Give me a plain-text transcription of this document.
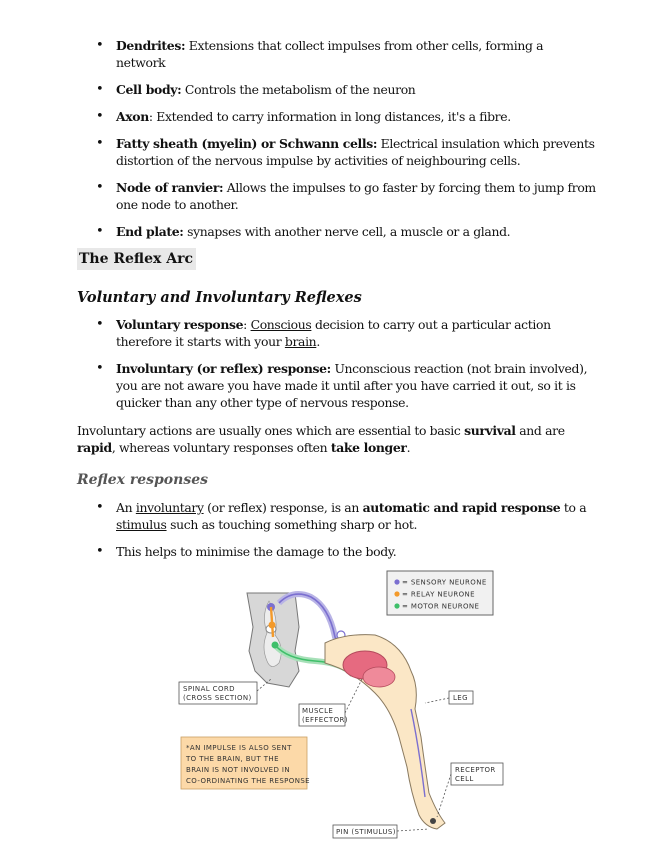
• Dendrites: Extensions that collect impulses from other cells, forming a network
• Cell body: Controls the metabolism of the neuron
• Axon: Extended to carry information in long distances, it's a fibre.
• Fatty sheath (myelin) or Schwann cells: Electrical insulation which prevents distortion of the nervous impulse by activities of neighbouring cells.
• Node of ranvier: Allows the impulses to go faster by forcing them to jump from one node to another.
• End plate: synapses with another nerve cell, a muscle or a gland.
The Reflex Arc
Voluntary and Involuntary Reflexes
• Voluntary response: Conscious decision to carry out a particular action therefore it starts with your brain.
• Involuntary (or reflex) response: Unconscious reaction (not brain involved), you are not aware you have made it until after you have carried it out, so it is quicker than any other type of nervous response.
Involuntary actions are usually ones which are essential to basic survival and are rapid, whereas voluntary responses often take longer.
Reflex responses
• An involuntary (or reflex) response, is an automatic and rapid response to a stimulus such as touching something sharp or hot.
• This helps to minimise the damage to the body.
= SENSORY NEURONE
= RELAY NEURONE
= MOTOR NEURONE
SPINAL CORD
(CROSS SECTION)
MUSCLE
(EFFECTOR)
LEG
RECEPTOR
CELL
PIN (STIMULUS)
*AN IMPULSE IS ALSO SENT
TO THE BRAIN, BUT THE
BRAIN IS NOT INVOLVED IN
CO-ORDINATING THE RESPONSE
